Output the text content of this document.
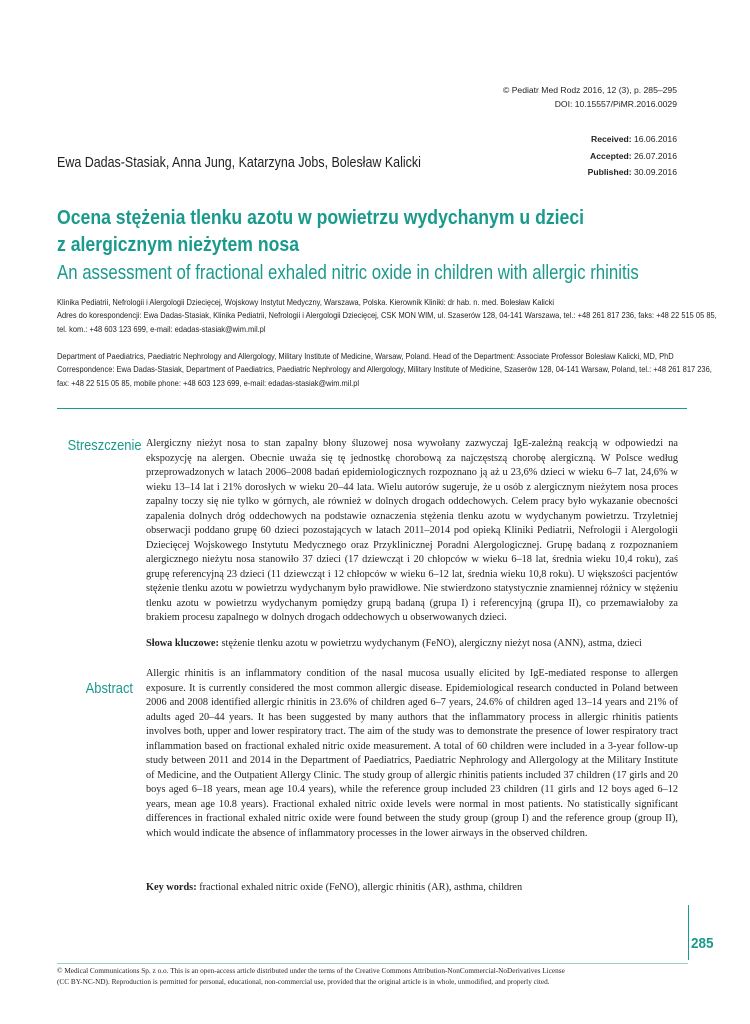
© Pediatr Med Rodz 2016, 12 (3), p. 285–295
DOI: 10.15557/PiMR.2016.0029
Received: 16.06.2016
Accepted: 26.07.2016
Published: 30.09.2016
Ewa Dadas-Stasiak, Anna Jung, Katarzyna Jobs, Bolesław Kalicki
Ocena stężenia tlenku azotu w powietrzu wydychanym u dzieci
z alergicznym nieżytem nosa
An assessment of fractional exhaled nitric oxide in children with allergic rhinitis
Klinika Pediatrii, Nefrologii i Alergologii Dziecięcej, Wojskowy Instytut Medyczny, Warszawa, Polska. Kierownik Kliniki: dr hab. n. med. Bolesław Kalicki
Adres do korespondencji: Ewa Dadas-Stasiak, Klinika Pediatrii, Nefrologii i Alergologii Dziecięcej, CSK MON WIM, ul. Szaserów 128, 04-141 Warszawa, tel.: +48 261 817 236, faks: +48 22 515 05 85,
tel. kom.: +48 603 123 699, e-mail: edadas-stasiak@wim.mil.pl
Department of Paediatrics, Paediatric Nephrology and Allergology, Military Institute of Medicine, Warsaw, Poland. Head of the Department: Associate Professor Bolesław Kalicki, MD, PhD
Correspondence: Ewa Dadas-Stasiak, Department of Paediatrics, Paediatric Nephrology and Allergology, Military Institute of Medicine, Szaserów 128, 04-141 Warsaw, Poland, tel.: +48 261 817 236,
fax: +48 22 515 05 85, mobile phone: +48 603 123 699, e-mail: edadas-stasiak@wim.mil.pl
Streszczenie Alergiczny nieżyt nosa to stan zapalny błony śluzowej nosa wywołany zazwyczaj IgE-zależną reakcją w odpowiedzi na ekspozycję na alergen. Obecnie uważa się tę jednostkę chorobową za najczęstszą chorobę alergiczną. W Polsce według przeprowadzonych w latach 2006–2008 badań epidemiologicznych rozpoznano ją aż u 23,6% dzieci w wieku 6–7 lat, 24,6% w wieku 13–14 lat i 21% dorosłych w wieku 20–44 lata. Wielu autorów sugeruje, że u osób z alergicznym nieżytem nosa proces zapalny toczy się nie tylko w górnych, ale również w dolnych drogach oddechowych. Celem pracy było wykazanie obecności zapalenia dolnych dróg oddechowych na podstawie oznaczenia stężenia tlenku azotu w wydychanym powietrzu. Trzyletniej obserwacji poddano grupę 60 dzieci pozostających w latach 2011–2014 pod opieką Kliniki Pediatrii, Nefrologii i Alergologii Dziecięcej Wojskowego Instytutu Medycznego oraz Przyklinicznej Poradni Alergologicznej. Grupę badaną z rozpoznaniem alergicznego nieżytu nosa stanowiło 37 dzieci (17 dziewcząt i 20 chłopców w wieku 6–18 lat, średnia wieku 10,4 roku), zaś grupę referencyjną 23 dzieci (11 dziewcząt i 12 chłopców w wieku 6–12 lat, średnia wieku 10,8 roku). U większości pacjentów stężenie tlenku azotu w powietrzu wydychanym było prawidłowe. Nie stwierdzono statystycznie znamiennej różnicy w stężeniu tlenku azotu w powietrzu wydychanym pomiędzy grupą badaną (grupa I) i referencyjną (grupa II), co przemawiałoby za brakiem procesu zapalnego w dolnych drogach oddechowych u obserwowanych dzieci.
Słowa kluczowe: stężenie tlenku azotu w powietrzu wydychanym (FeNO), alergiczny nieżyt nosa (ANN), astma, dzieci
Abstract
Allergic rhinitis is an inflammatory condition of the nasal mucosa usually elicited by IgE-mediated response to allergen exposure. It is currently considered the most common allergic disease. Epidemiological research conducted in Poland between 2006 and 2008 identified allergic rhinitis in 23.6% of children aged 6–7 years, 24.6% of children aged 13–14 years and 21% of adults aged 20–44 years. It has been suggested by many authors that the inflammatory process in allergic rhinitis patients involves both, upper and lower respiratory tract. The aim of the study was to demonstrate the presence of lower respiratory tract inflammation based on fractional exhaled nitric oxide measurement. A total of 60 children were included in a 3-year follow-up study between 2011 and 2014 in the Department of Paediatrics, Paediatric Nephrology and Allergology at the Military Institute of Medicine, and the Outpatient Allergy Clinic. The study group of allergic rhinitis patients included 37 children (17 girls and 20 boys aged 6–18 years, mean age 10.4 years), while the reference group included 23 children (11 girls and 12 boys aged 6–12 years, mean age 10.8 years). Fractional exhaled nitric oxide levels were normal in most patients. No statistically significant differences in fractional exhaled nitric oxide were found between the study group (group I) and the reference group (group II), which would indicate the absence of inflammatory processes in the lower airways in the observed children.
Key words: fractional exhaled nitric oxide (FeNO), allergic rhinitis (AR), asthma, children
285
© Medical Communications Sp. z o.o. This is an open-access article distributed under the terms of the Creative Commons Attribution-NonCommercial-NoDerivatives License
(CC BY-NC-ND). Reproduction is permitted for personal, educational, non-commercial use, provided that the original article is in whole, unmodified, and properly cited.
